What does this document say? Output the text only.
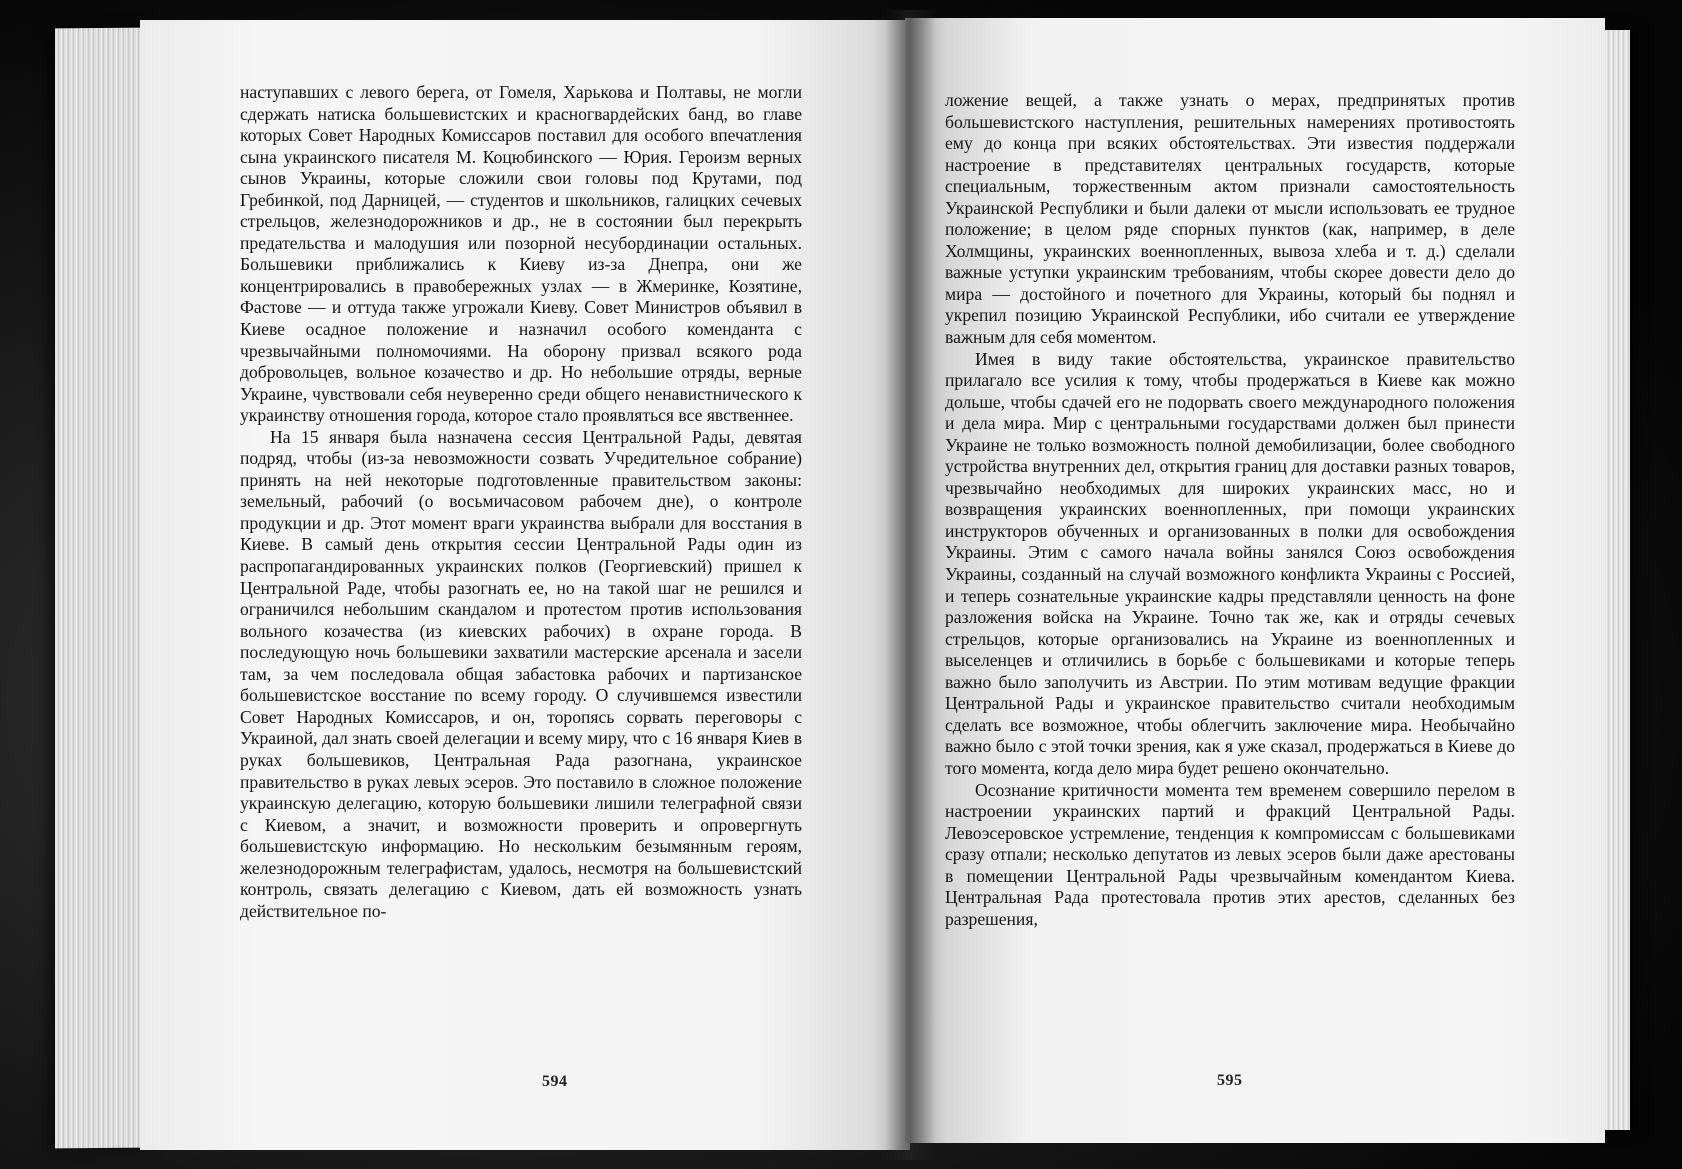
наступавших с левого берега, от Гомеля, Харькова и Полтавы, не могли сдержать натиска большевистских и красногвардейских банд, во главе которых Совет Народных Комиссаров поставил для особого впечатления сына украинского писателя М. Коцюбинского — Юрия. Героизм верных сынов Украины, которые сложили свои головы под Крутами, под Гребинкой, под Дарницей, — студентов и школьников, галицких сечевых стрельцов, железнодорожников и др., не в состоянии был перекрыть предательства и малодушия или позорной несубординации остальных. Большевики приближались к Киеву из-за Днепра, они же концентрировались в правобережных узлах — в Жмеринке, Козятине, Фастове — и оттуда также угрожали Киеву. Совет Министров объявил в Киеве осадное положение и назначил особого коменданта с чрезвычайными полномочиями. На оборону призвал всякого рода добровольцев, вольное козачество и др. Но небольшие отряды, верные Украине, чувствовали себя неуверенно среди общего ненавистнического к украинству отношения города, которое стало проявляться все явственнее.

На 15 января была назначена сессия Центральной Рады, девятая подряд, чтобы (из-за невозможности созвать Учредительное собрание) принять на ней некоторые подготовленные правительством законы: земельный, рабочий (о восьмичасовом рабочем дне), о контроле продукции и др. Этот момент враги украинства выбрали для восстания в Киеве. В самый день открытия сессии Центральной Рады один из распропагандированных украинских полков (Георгиевский) пришел к Центральной Раде, чтобы разогнать ее, но на такой шаг не решился и ограничился небольшим скандалом и протестом против использования вольного козачества (из киевских рабочих) в охране города. В последующую ночь большевики захватили мастерские арсенала и засели там, за чем последовала общая забастовка рабочих и партизанское большевистское восстание по всему городу. О случившемся известили Совет Народных Комиссаров, и он, торопясь сорвать переговоры с Украиной, дал знать своей делегации и всему миру, что с 16 января Киев в руках большевиков, Центральная Рада разогнана, украинское правительство в руках левых эсеров. Это поставило в сложное положение украинскую делегацию, которую большевики лишили телеграфной связи с Киевом, а значит, и возможности проверить и опровергнуть большевистскую информацию. Но нескольким безымянным героям, железнодорожным телеграфистам, удалось, несмотря на большевистский контроль, связать делегацию с Киевом, дать ей возможность узнать действительное по-

594

ложение вещей, а также узнать о мерах, предпринятых против большевистского наступления, решительных намерениях противостоять ему до конца при всяких обстоятельствах. Эти известия поддержали настроение в представителях центральных государств, которые специальным, торжественным актом признали самостоятельность Украинской Республики и были далеки от мысли использовать ее трудное положение; в целом ряде спорных пунктов (как, например, в деле Холмщины, украинских военнопленных, вывоза хлеба и т. д.) сделали важные уступки украинским требованиям, чтобы скорее довести дело до мира — достойного и почетного для Украины, который бы поднял и укрепил позицию Украинской Республики, ибо считали ее утверждение важным для себя моментом.

Имея в виду такие обстоятельства, украинское правительство прилагало все усилия к тому, чтобы продержаться в Киеве как можно дольше, чтобы сдачей его не подорвать своего международного положения и дела мира. Мир с центральными государствами должен был принести Украине не только возможность полной демобилизации, более свободного устройства внутренних дел, открытия границ для доставки разных товаров, чрезвычайно необходимых для широких украинских масс, но и возвращения украинских военнопленных, при помощи украинских инструкторов обученных и организованных в полки для освобождения Украины. Этим с самого начала войны занялся Союз освобождения Украины, созданный на случай возможного конфликта Украины с Россией, и теперь сознательные украинские кадры представляли ценность на фоне разложения войска на Украине. Точно так же, как и отряды сечевых стрельцов, которые организовались на Украине из военнопленных и выселенцев и отличились в борьбе с большевиками и которые теперь важно было заполучить из Австрии. По этим мотивам ведущие фракции Центральной Рады и украинское правительство считали необходимым сделать все возможное, чтобы облегчить заключение мира. Необычайно важно было с этой точки зрения, как я уже сказал, продержаться в Киеве до того момента, когда дело мира будет решено окончательно.

Осознание критичности момента тем временем совершило перелом в настроении украинских партий и фракций Центральной Рады. Левоэсеровское устремление, тенденция к компромиссам с большевиками сразу отпали; несколько депутатов из левых эсеров были даже арестованы в помещении Центральной Рады чрезвычайным комендантом Киева. Центральная Рада протестовала против этих арестов, сделанных без разрешения,

595
